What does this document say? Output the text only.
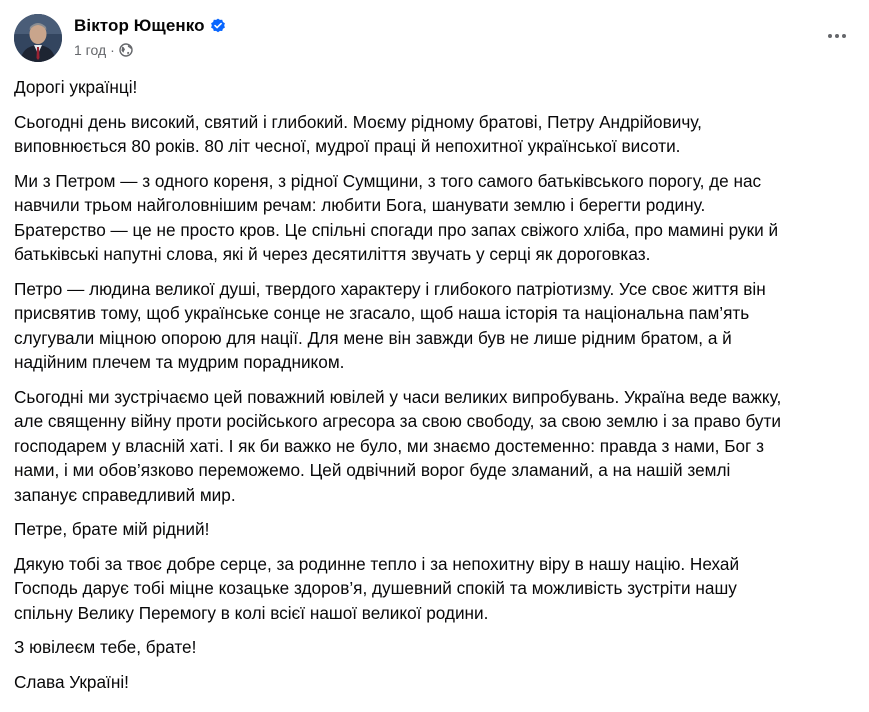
Віктор Ющенко
1 год ·

Дорогі українці!

Сьогодні день високий, святий і глибокий. Моєму рідному братові, Петру Андрійовичу,
виповнюється 80 років. 80 літ чесної, мудрої праці й непохитної української висоти.

Ми з Петром — з одного кореня, з рідної Сумщини, з того самого батьківського порогу, де нас
навчили трьом найголовнішим речам: любити Бога, шанувати землю і берегти родину.
Братерство — це не просто кров. Це спільні спогади про запах свіжого хліба, про мамині руки й
батьківські напутні слова, які й через десятиліття звучать у серці як дороговказ.

Петро — людина великої душі, твердого характеру і глибокого патріотизму. Усе своє життя він
присвятив тому, щоб українське сонце не згасало, щоб наша історія та національна пам’ять
слугували міцною опорою для нації. Для мене він завжди був не лише рідним братом, а й
надійним плечем та мудрим порадником.

Сьогодні ми зустрічаємо цей поважний ювілей у часи великих випробувань. Україна веде важку,
але священну війну проти російського агресора за свою свободу, за свою землю і за право бути
господарем у власній хаті. І як би важко не було, ми знаємо достеменно: правда з нами, Бог з
нами, і ми обов’язково переможемо. Цей одвічний ворог буде зламаний, а на нашій землі
запанує справедливий мир.

Петре, брате мій рідний!

Дякую тобі за твоє добре серце, за родинне тепло і за непохитну віру в нашу націю. Нехай
Господь дарує тобі міцне козацьке здоров’я, душевний спокій та можливість зустріти нашу
спільну Велику Перемогу в колі всієї нашої великої родини.

З ювілеєм тебе, брате!

Слава Україні!
